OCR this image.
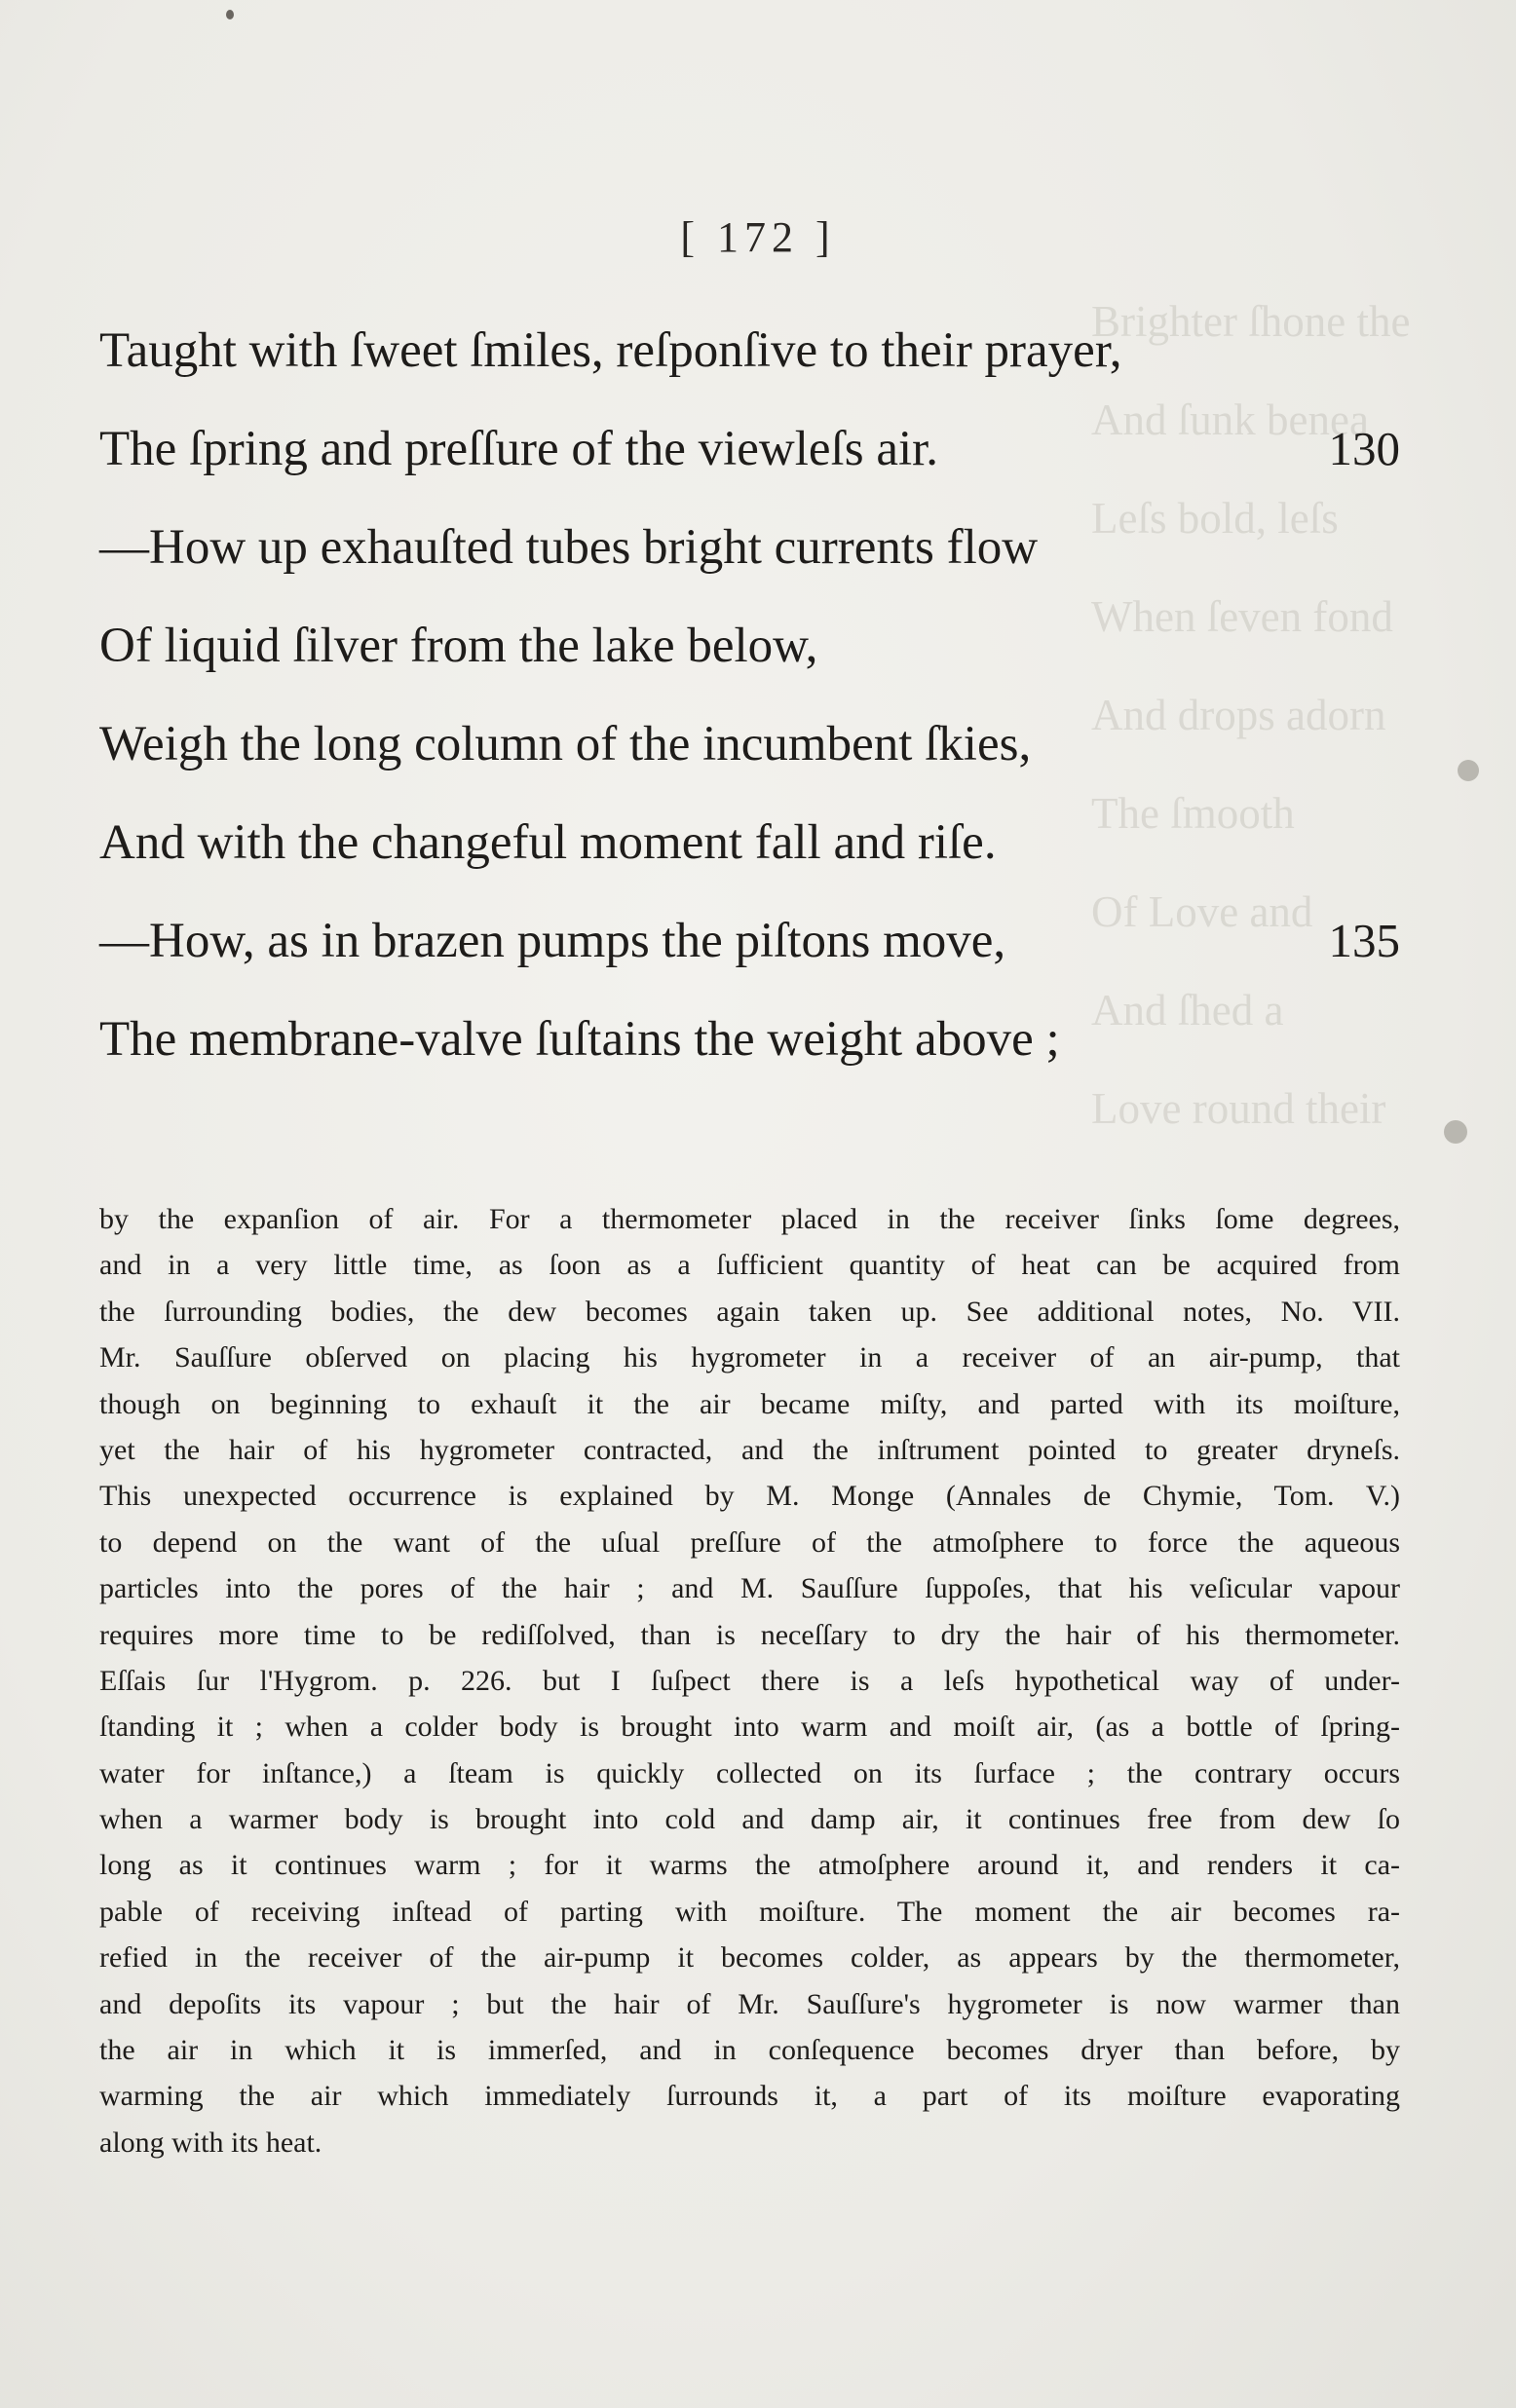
Brighter ſhone the
And ſunk benea
Leſs bold, leſs
When ſeven fond
And drops adorn
The ſmooth
Of Love and
And ſhed a
Love round their

[ 172 ]
Taught with ſweet ſmiles, reſponſive to their prayer,
The ſpring and preſſure of the viewleſs air.	130
—How up exhauſted tubes bright currents flow
Of liquid ſilver from the lake below,
Weigh the long column of the incumbent ſkies,
And with the changeful moment fall and riſe.
—How, as in brazen pumps the piſtons move,	135
The membrane-valve ſuſtains the weight above ;
by the expanſion of air. For a thermometer placed in the receiver ſinks ſome degrees,
and in a very little time, as ſoon as a ſufficient quantity of heat can be acquired from
the ſurrounding bodies, the dew becomes again taken up. See additional notes, No. VII.
Mr. Sauſſure obſerved on placing his hygrometer in a receiver of an air-pump, that
though on beginning to exhauſt it the air became miſty, and parted with its moiſture,
yet the hair of his hygrometer contracted, and the inſtrument pointed to greater dryneſs.
This unexpected occurrence is explained by M. Monge (Annales de Chymie, Tom. V.)
to depend on the want of the uſual preſſure of the atmoſphere to force the aqueous
particles into the pores of the hair ; and M. Sauſſure ſuppoſes, that his veſicular vapour
requires more time to be rediſſolved, than is neceſſary to dry the hair of his thermometer.
Eſſais ſur l'Hygrom. p. 226. but I ſuſpect there is a leſs hypothetical way of under-
ſtanding it ; when a colder body is brought into warm and moiſt air, (as a bottle of ſpring-
water for inſtance,) a ſteam is quickly collected on its ſurface ; the contrary occurs
when a warmer body is brought into cold and damp air, it continues free from dew ſo
long as it continues warm ; for it warms the atmoſphere around it, and renders it ca-
pable of receiving inſtead of parting with moiſture. The moment the air becomes ra-
refied in the receiver of the air-pump it becomes colder, as appears by the thermometer,
and depoſits its vapour ; but the hair of Mr. Sauſſure's hygrometer is now warmer than
the air in which it is immerſed, and in conſequence becomes dryer than before, by
warming the air which immediately ſurrounds it, a part of its moiſture evaporating
along with its heat.
